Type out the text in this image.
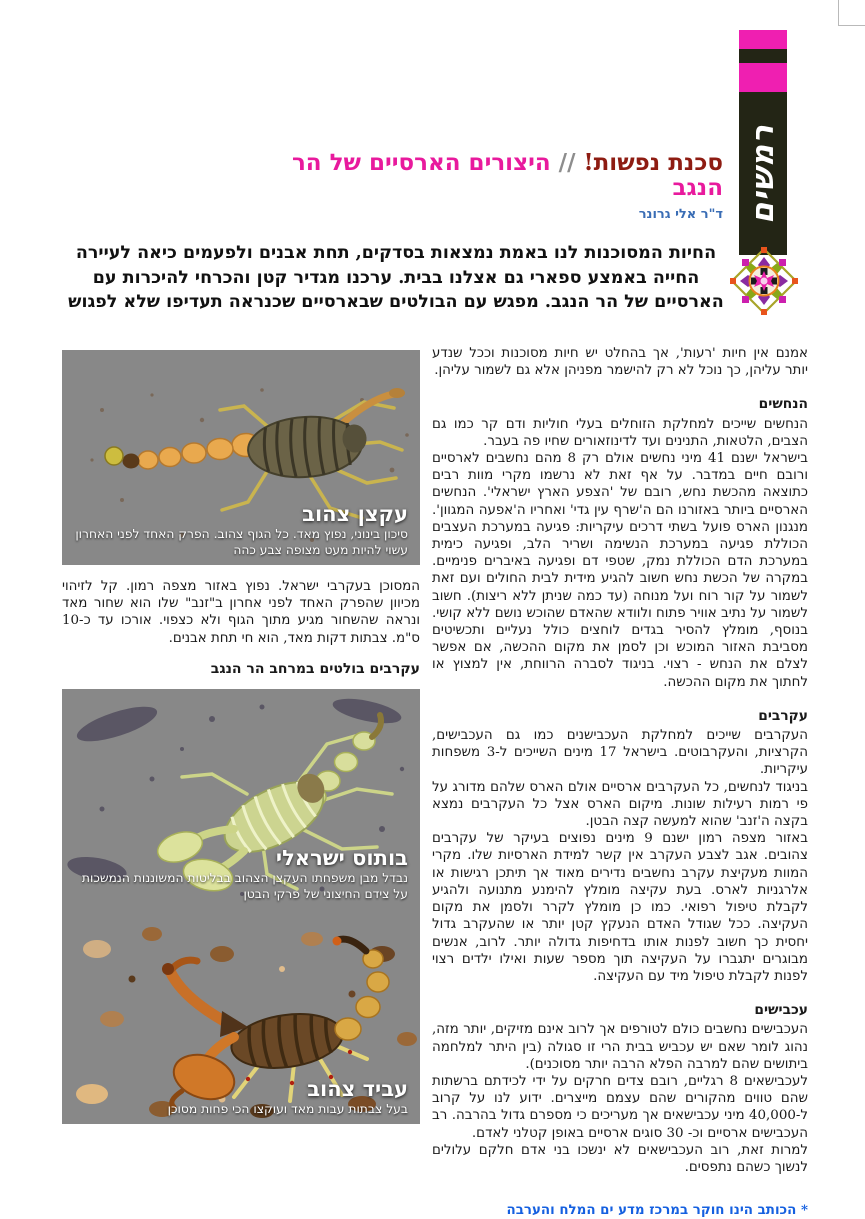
רמשים
סכנת נפשות! // היצורים הארסיים של הר הנגב
ד"ר אלי גרונר

החיות המסוכנות לנו באמת נמצאות בסדקים, תחת אבנים ולפעמים כיאה לעיירה החייה באמצע ספארי גם אצלנו בבית. ערכנו מגדיר קטן והכרחי להיכרות עם הארסיים של הר הנגב. מפגש עם הבולטים שבארסיים שכנראה תעדיפו שלא לפגוש

אמנם אין חיות 'רעות', אך בהחלט יש חיות מסוכנות וככל שנדע יותר עליהן, כך נוכל לא רק להישמר מפניהן אלא גם לשמור עליהן.

הנחשים

הנחשים שייכים למחלקת הזוחלים בעלי חוליות ודם קר כמו גם הצבים, הלטאות, התנינים ועד לדינוזאורים שחיו פה בעבר.

בישראל ישנם 41 מיני נחשים אולם רק 8 מהם נחשבים לארסיים ורובם חיים במדבר. על אף זאת לא נרשמו מקרי מוות רבים כתוצאה מהכשת נחש, רובם של 'הצפע הארץ ישראלי'. הנחשים הארסיים ביותר באזורנו הם ה'שרף עין גדי' ואחריו ה'אפעה המגוון'. מנגנון הארס פועל בשתי דרכים עיקריות: פגיעה במערכת העצבים הכוללת פגיעה במערכת הנשימה ושריר הלב, ופגיעה כימית במערכת הדם הכוללת נמק, שטפי דם ופגיעה באיברים פנימיים. במקרה של הכשת נחש חשוב להגיע מידית לבית החולים ועם זאת לשמור על קור רוח ועל מנוחה (עד כמה שניתן ללא ריצות). חשוב לשמור על נתיב אוויר פתוח ולוודא שהאדם שהוכש נושם ללא קושי. בנוסף, מומלץ להסיר בגדים לוחצים כולל נעליים ותכשיטים מסביבת האזור המוכש וכן לסמן את מקום ההכשה, אם אפשר לצלם את הנחש - רצוי. בניגוד לסברה הרווחת, אין למצוץ או לחתוך את מקום ההכשה.

עקרבים

העקרבים שייכים למחלקת העכבישנים כמו גם העכבישים, הקרציות, והעקרבוטים. בישראל 17 מינים השייכים ל-3 משפחות עיקריות.

בניגוד לנחשים, כל העקרבים ארסיים אולם הארס שלהם מדורג על פי רמות רעילות שונות. מיקום הארס אצל כל העקרבים נמצא בקצה ה'זנב' שהוא למעשה קצה הבטן.

באזור מצפה רמון ישנם 9 מינים נפוצים בעיקר של עקרבים צהובים. אגב לצבע העקרב אין קשר למידת הארסיות שלו. מקרי המוות מעקיצת עקרב נחשבים נדירים מאוד אך תיתכן רגישות או אלרגניות לארס. בעת עקיצה מומלץ להימנע מתנועה ולהגיע לקבלת טיפול רפואי. כמו כן מומלץ לקרר ולסמן את מקום העקיצה. ככל שגודל האדם הנעקץ קטן יותר או שהעקרב גדול יחסית כך חשוב לפנות אותו בדחיפות גדולה יותר. לרוב, אנשים מבוגרים יתגברו על העקיצה תוך מספר שעות ואילו ילדים רצוי לפנות לקבלת טיפול מיד עם העקיצה.

עכבישים

העכבישים נחשבים כולם לטורפים אך לרוב אינם מזיקים, יותר מזה, נהוג לומר שאם יש עכביש בבית הרי זו סגולה (בין היתר למלחמה ביתושים שהם למרבה הפלא הרבה יותר מסוכנים).

לעכבישאים 8 רגליים, רובם צדים חרקים על ידי לכידתם ברשתות שהם טווים מהקורים שהם עצמם מייצרים. ידוע לנו על קרוב ל-40,000 מיני עכבישאים אך מעריכים כי מספרם גדול בהרבה. רב העכבישים ארסיים וכ- 30 סוגים ארסיים באופן קטלני לאדם.

למרות זאת, רוב העכבישאים לא ינשכו בני אדם חלקם עלולים לנשוך כשהם נתפסים.

* הכותב הינו חוקר במרכז מדע ים המלח והערבה

עקצן צהוב
סיכון בינוני, נפוץ מאד. כל הגוף צהוב. הפרק האחד לפני האחרון עשוי להיות מעט מצופה צבע כהה

המסוכן בעקרבי ישראל. נפוץ באזור מצפה רמון. קל לזיהוי מכיוון שהפרק האחד לפני אחרון ב"זנב" שלו הוא שחור מאד ונראה שהשחור מגיע מתוך הגוף ולא כצפוי. אורכו עד כ-10 ס"מ. צבתות דקות מאד, הוא חי תחת אבנים.

עקרבים בולטים במרחב הר הנגב
בותוס ישראלי
נבדל מבן משפחתו העקצן הצהוב בבליטות המשוננות הנמשכות על צידם החיצוני של פרקי הבטן
עביד צהוב
בעל צבתות עבות מאד ועוקצו הכי פחות מסוכן
